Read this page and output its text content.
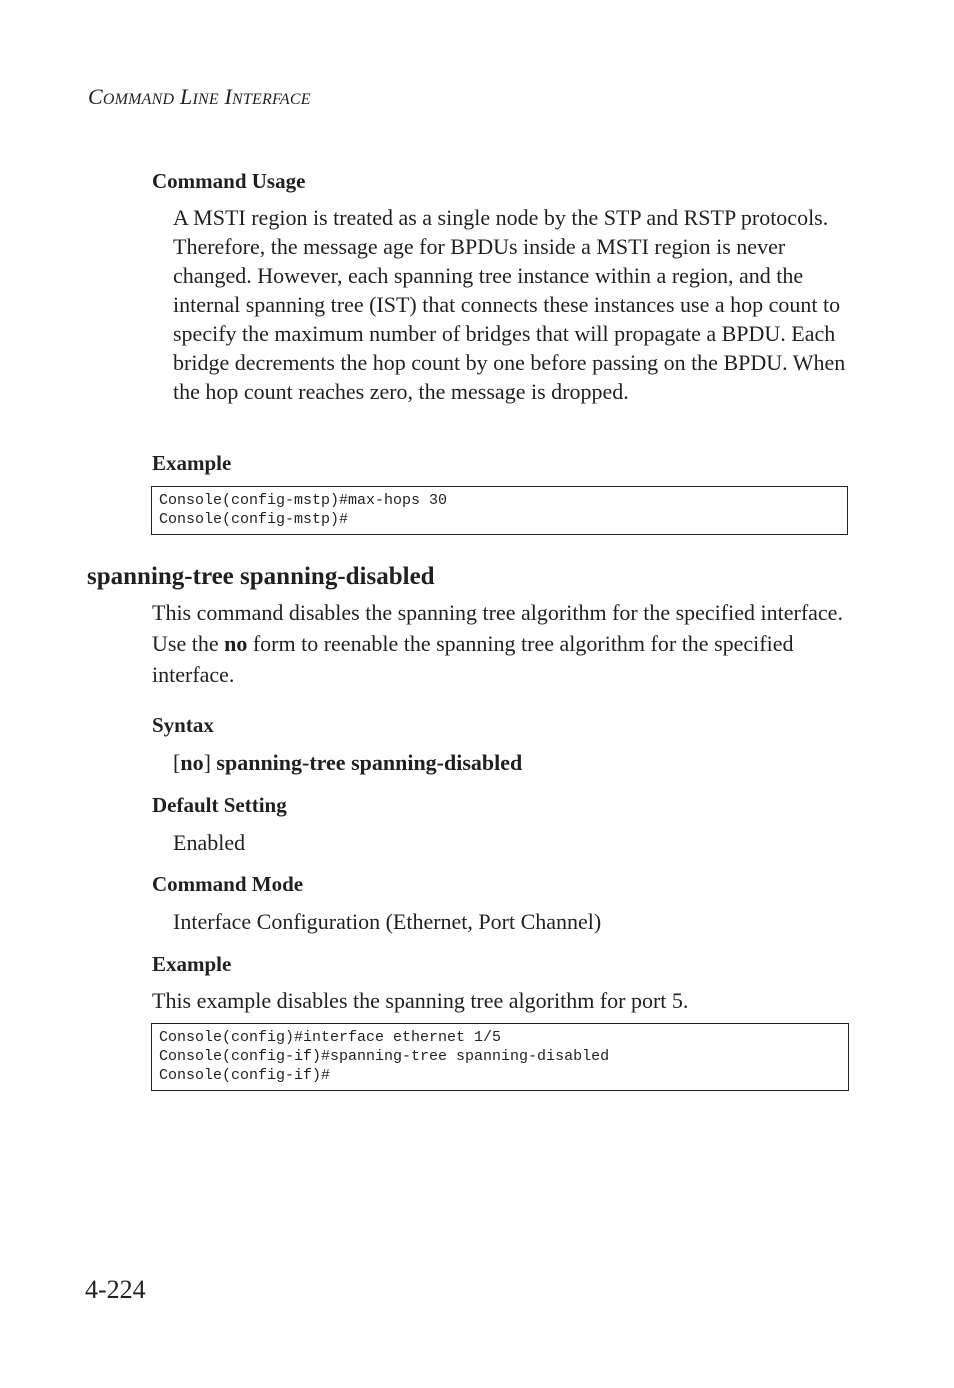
COMMAND LINE INTERFACE
Command Usage
A MSTI region is treated as a single node by the STP and RSTP protocols. Therefore, the message age for BPDUs inside a MSTI region is never changed. However, each spanning tree instance within a region, and the internal spanning tree (IST) that connects these instances use a hop count to specify the maximum number of bridges that will propagate a BPDU. Each bridge decrements the hop count by one before passing on the BPDU. When the hop count reaches zero, the message is dropped.
Example
Console(config-mstp)#max-hops 30
Console(config-mstp)#
spanning-tree spanning-disabled
This command disables the spanning tree algorithm for the specified interface. Use the no form to reenable the spanning tree algorithm for the specified interface.
Syntax
[no] spanning-tree spanning-disabled
Default Setting
Enabled
Command Mode
Interface Configuration (Ethernet, Port Channel)
Example
This example disables the spanning tree algorithm for port 5.
Console(config)#interface ethernet 1/5
Console(config-if)#spanning-tree spanning-disabled
Console(config-if)#
4-224
